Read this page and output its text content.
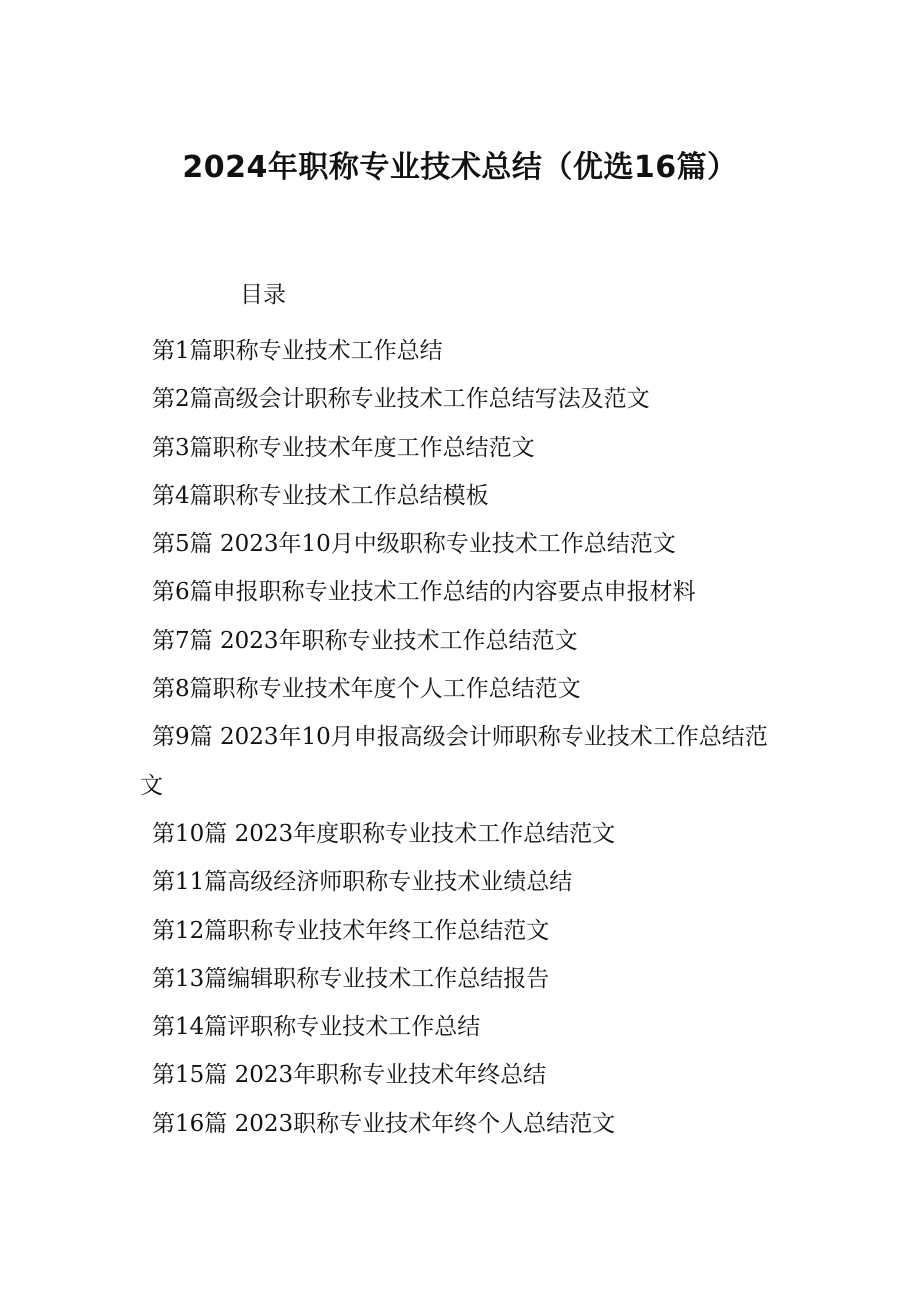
2024年职称专业技术总结（优选16篇）
目录
第1篇职称专业技术工作总结
第2篇高级会计职称专业技术工作总结写法及范文
第3篇职称专业技术年度工作总结范文
第4篇职称专业技术工作总结模板
第5篇 2023年10月中级职称专业技术工作总结范文
第6篇申报职称专业技术工作总结的内容要点申报材料
第7篇 2023年职称专业技术工作总结范文
第8篇职称专业技术年度个人工作总结范文
第9篇 2023年10月申报高级会计师职称专业技术工作总结范文
第10篇 2023年度职称专业技术工作总结范文
第11篇高级经济师职称专业技术业绩总结
第12篇职称专业技术年终工作总结范文
第13篇编辑职称专业技术工作总结报告
第14篇评职称专业技术工作总结
第15篇 2023年职称专业技术年终总结
第16篇 2023职称专业技术年终个人总结范文
